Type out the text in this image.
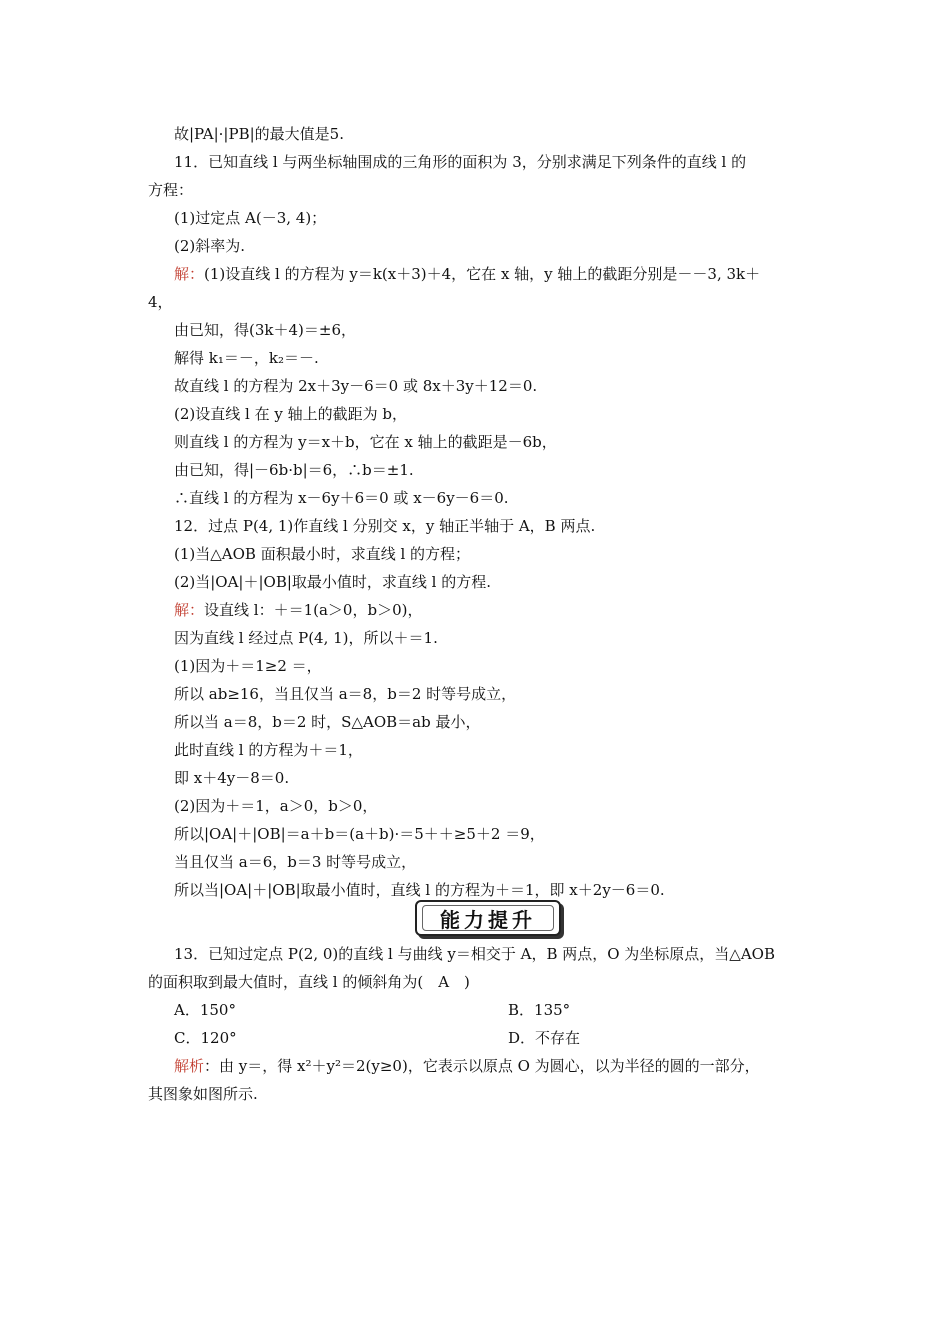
故|PA|·|PB|的最大值是5.
11．已知直线 l 与两坐标轴围成的三角形的面积为 3，分别求满足下列条件的直线 l 的
方程：
(1)过定点 A(－3, 4)；
(2)斜率为.
解：(1)设直线 l 的方程为 y＝k(x＋3)＋4，它在 x 轴，y 轴上的截距分别是－－3, 3k＋
4，
由已知，得(3k＋4)＝±6，
解得 k₁＝－，k₂＝－.
故直线 l 的方程为 2x＋3y－6＝0 或 8x＋3y＋12＝0.
(2)设直线 l 在 y 轴上的截距为 b，
则直线 l 的方程为 y＝x＋b，它在 x 轴上的截距是－6b，
由已知，得|－6b·b|＝6，∴b＝±1.
∴直线 l 的方程为 x－6y＋6＝0 或 x－6y－6＝0.
12．过点 P(4, 1)作直线 l 分别交 x，y 轴正半轴于 A，B 两点.
(1)当△AOB 面积最小时，求直线 l 的方程；
(2)当|OA|＋|OB|取最小值时，求直线 l 的方程.
解：设直线 l：＋＝1(a＞0，b＞0)，
因为直线 l 经过点 P(4, 1)，所以＋＝1.
(1)因为＋＝1≥2 ＝，
所以 ab≥16，当且仅当 a＝8，b＝2 时等号成立，
所以当 a＝8，b＝2 时，S△AOB＝ab 最小，
此时直线 l 的方程为＋＝1，
即 x＋4y－8＝0.
(2)因为＋＝1，a＞0，b＞0，
所以|OA|＋|OB|＝a＋b＝(a＋b)·＝5＋＋≥5＋2 ＝9，
当且仅当 a＝6，b＝3 时等号成立，
所以当|OA|＋|OB|取最小值时，直线 l 的方程为＋＝1，即 x＋2y－6＝0.
13．已知过定点 P(2, 0)的直线 l 与曲线 y＝相交于 A，B 两点，O 为坐标原点，当△AOB
的面积取到最大值时，直线 l 的倾斜角为(　A　)
解析：由 y＝，得 x²＋y²＝2(y≥0)，它表示以原点 O 为圆心，以为半径的圆的一部分，
其图象如图所示.
能力提升
A．150°	B．135°
C．120°	D．不存在
